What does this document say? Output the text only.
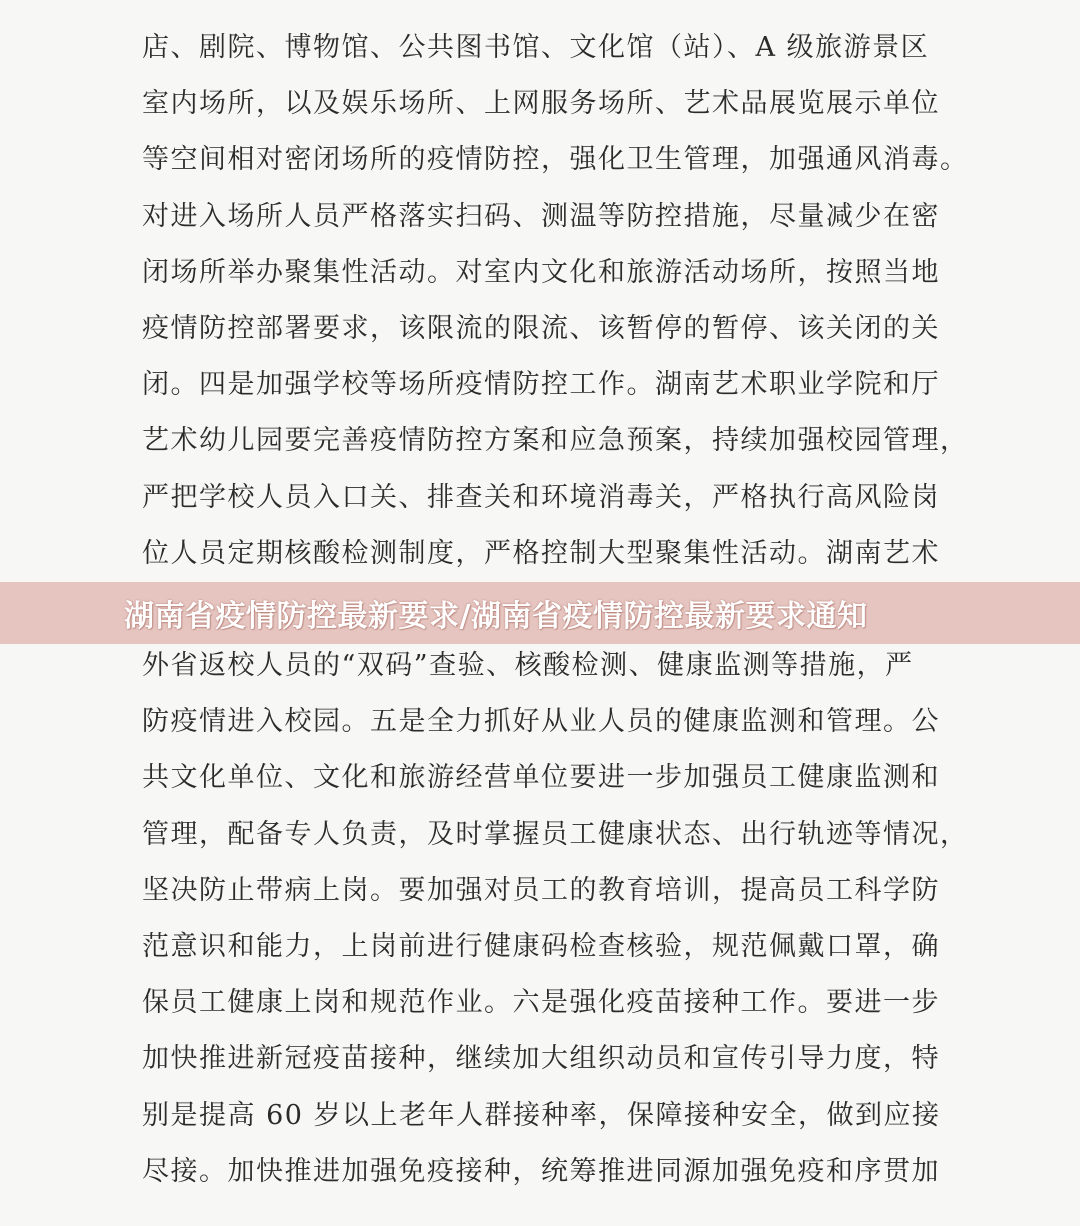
店、剧院、博物馆、公共图书馆、文化馆（站）、A 级旅游景区
室内场所，以及娱乐场所、上网服务场所、艺术品展览展示单位
等空间相对密闭场所的疫情防控，强化卫生管理，加强通风消毒。
对进入场所人员严格落实扫码、测温等防控措施，尽量减少在密
闭场所举办聚集性活动。对室内文化和旅游活动场所，按照当地
疫情防控部署要求，该限流的限流、该暂停的暂停、该关闭的关
闭。四是加强学校等场所疫情防控工作。湖南艺术职业学院和厅
艺术幼儿园要完善疫情防控方案和应急预案，持续加强校园管理，
严把学校人员入口关、排查关和环境消毒关，严格执行高风险岗
位人员定期核酸检测制度，严格控制大型聚集性活动。湖南艺术
外省返校人员的“双码”查验、核酸检测、健康监测等措施，严
防疫情进入校园。五是全力抓好从业人员的健康监测和管理。公
共文化单位、文化和旅游经营单位要进一步加强员工健康监测和
管理，配备专人负责，及时掌握员工健康状态、出行轨迹等情况，
坚决防止带病上岗。要加强对员工的教育培训，提高员工科学防
范意识和能力，上岗前进行健康码检查核验，规范佩戴口罩，确
保员工健康上岗和规范作业。六是强化疫苗接种工作。要进一步
加快推进新冠疫苗接种，继续加大组织动员和宣传引导力度，特
别是提高 60 岁以上老年人群接种率，保障接种安全，做到应接
尽接。加快推进加强免疫接种，统筹推进同源加强免疫和序贯加
湖南省疫情防控最新要求/湖南省疫情防控最新要求通知
